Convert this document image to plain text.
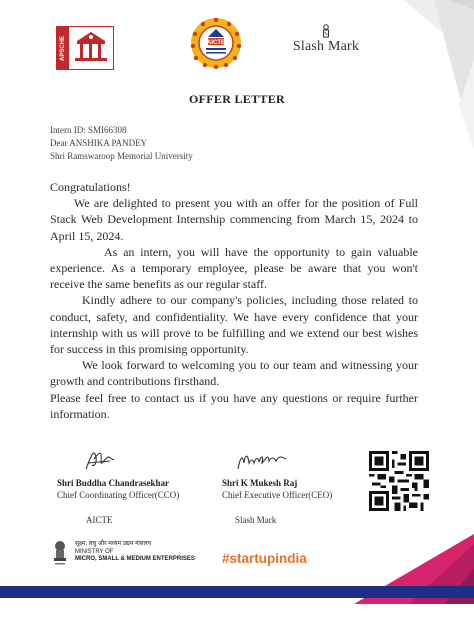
APSCHE	AICTE	Slash Mark
OFFER LETTER
Intern ID: SMI66308
Dear ANSHIKA PANDEY
Shri Ramswaroop Memorial University

Congratulations!

We are delighted to present you with an offer for the position of Full Stack Web Development Internship commencing from March 15, 2024 to April 15, 2024.

As an intern, you will have the opportunity to gain valuable experience. As a temporary employee, please be aware that you won't receive the same benefits as our regular staff.

Kindly adhere to our company's policies, including those related to conduct, safety, and confidentiality. We have every confidence that your internship with us will prove to be fulfilling and we extend our best wishes for success in this promising opportunity.

We look forward to welcoming you to our team and witnessing your growth and contributions firsthand.

Please feel free to contact us if you have any questions or require further information.

Shri Buddha Chandrasekhar
Chief Coordinating Officer(CCO)
AICTE
Shri K Mukesh Raj
Chief Executive Officer(CEO)
Slash Mark
सूक्ष्म, लघु और मध्यम उद्यम मंत्रालय
MINISTRY OF
MICRO, SMALL & MEDIUM ENTERPRISES #startupindia
